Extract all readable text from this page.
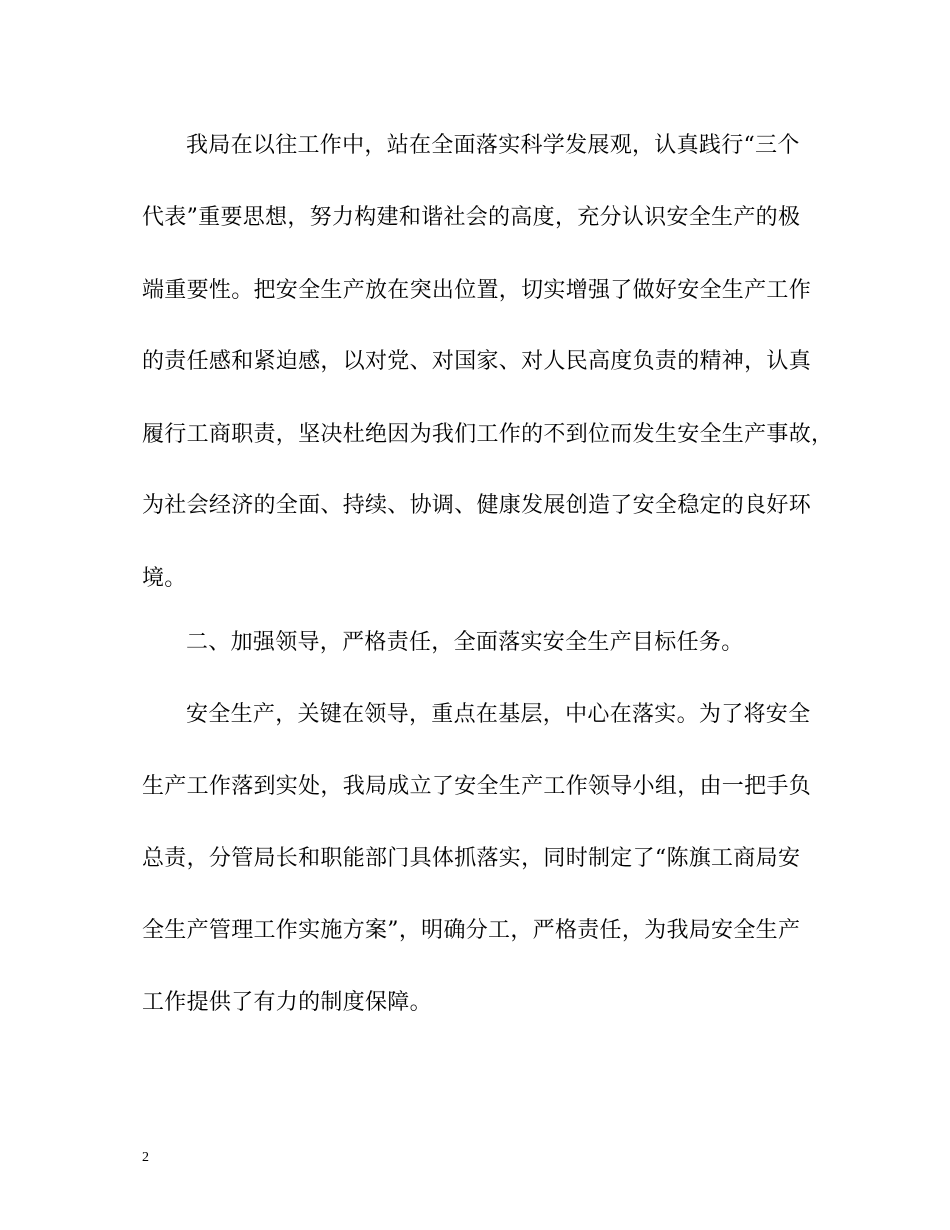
我局在以往工作中，站在全面落实科学发展观，认真践行“三个
代表”重要思想，努力构建和谐社会的高度，充分认识安全生产的极
端重要性。把安全生产放在突出位置，切实增强了做好安全生产工作
的责任感和紧迫感，以对党、对国家、对人民高度负责的精神，认真
履行工商职责，坚决杜绝因为我们工作的不到位而发生安全生产事故，
为社会经济的全面、持续、协调、健康发展创造了安全稳定的良好环
境。
二、加强领导，严格责任，全面落实安全生产目标任务。
安全生产，关键在领导，重点在基层，中心在落实。为了将安全
生产工作落到实处，我局成立了安全生产工作领导小组，由一把手负
总责，分管局长和职能部门具体抓落实，同时制定了“陈旗工商局安
全生产管理工作实施方案”，明确分工，严格责任，为我局安全生产
工作提供了有力的制度保障。
2
